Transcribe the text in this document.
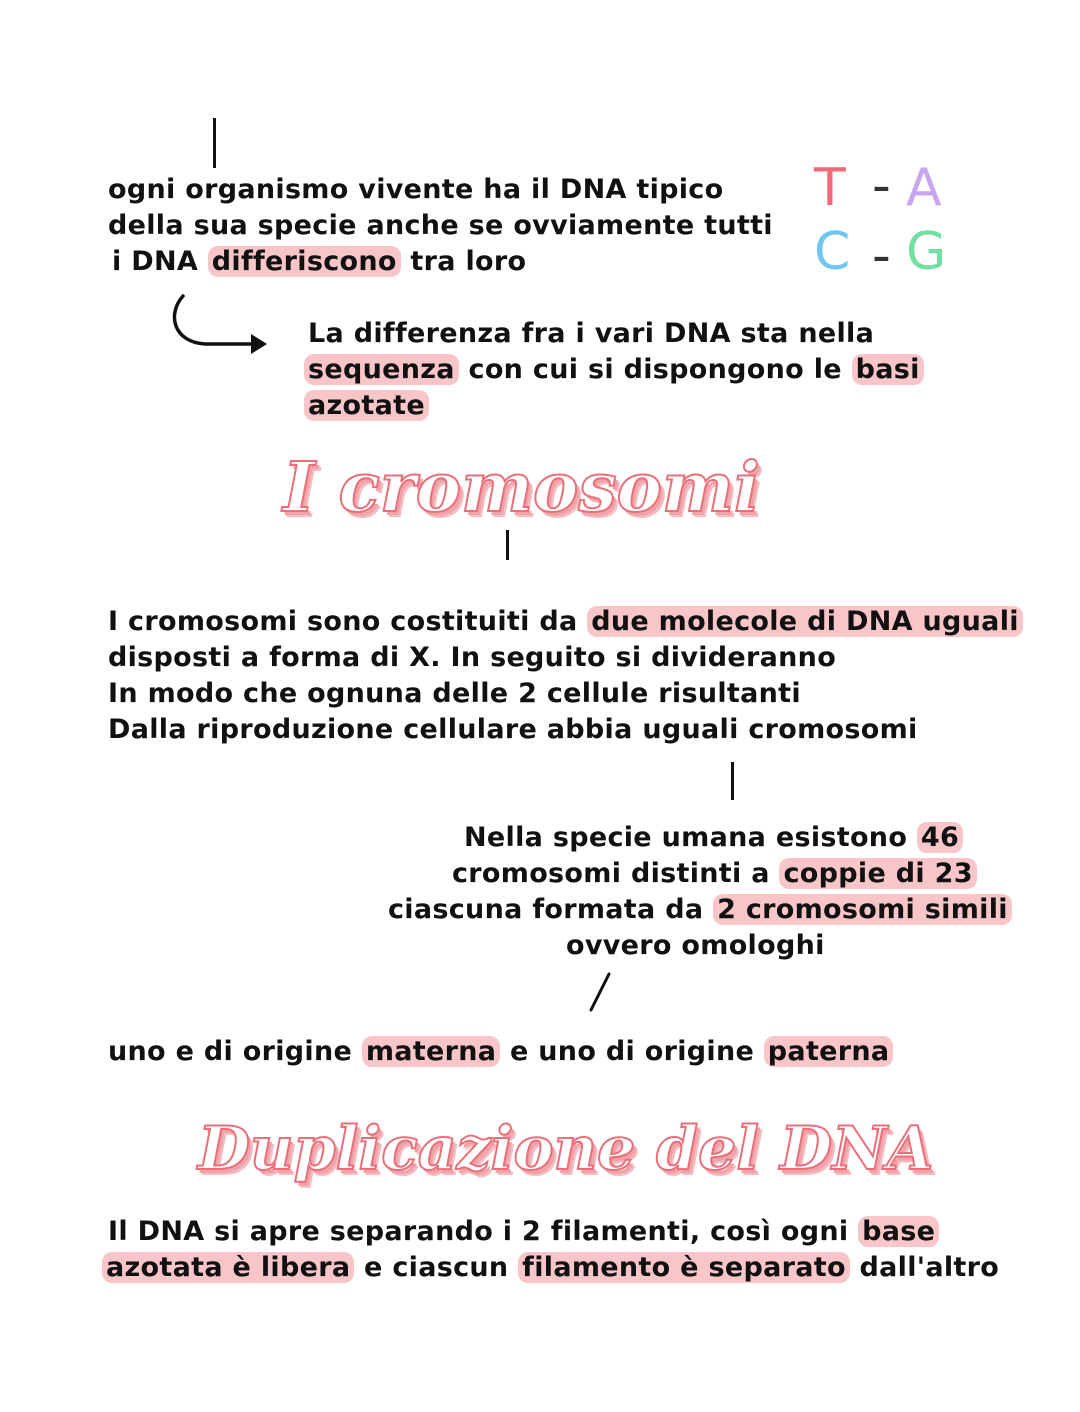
ogni organismo vivente ha il DNA tipico
della sua specie anche se ovviamente tutti
i DNA differiscono tra loro
T - A
C - G
La differenza fra i vari DNA sta nella
sequenza con cui si dispongono le basi
azotate
I cromosomi
I cromosomi sono costituiti da due molecole di DNA uguali
disposti a forma di X. In seguito si divideranno
In modo che ognuna delle 2 cellule risultanti
Dalla riproduzione cellulare abbia uguali cromosomi
Nella specie umana esistono 46
cromosomi distinti a coppie di 23
ciascuna formata da 2 cromosomi simili
ovvero omologhi
uno e di origine materna e uno di origine paterna
Duplicazione del DNA
Il DNA si apre separando i 2 filamenti, così ogni base
azotata è libera e ciascun filamento è separato dall'altro
